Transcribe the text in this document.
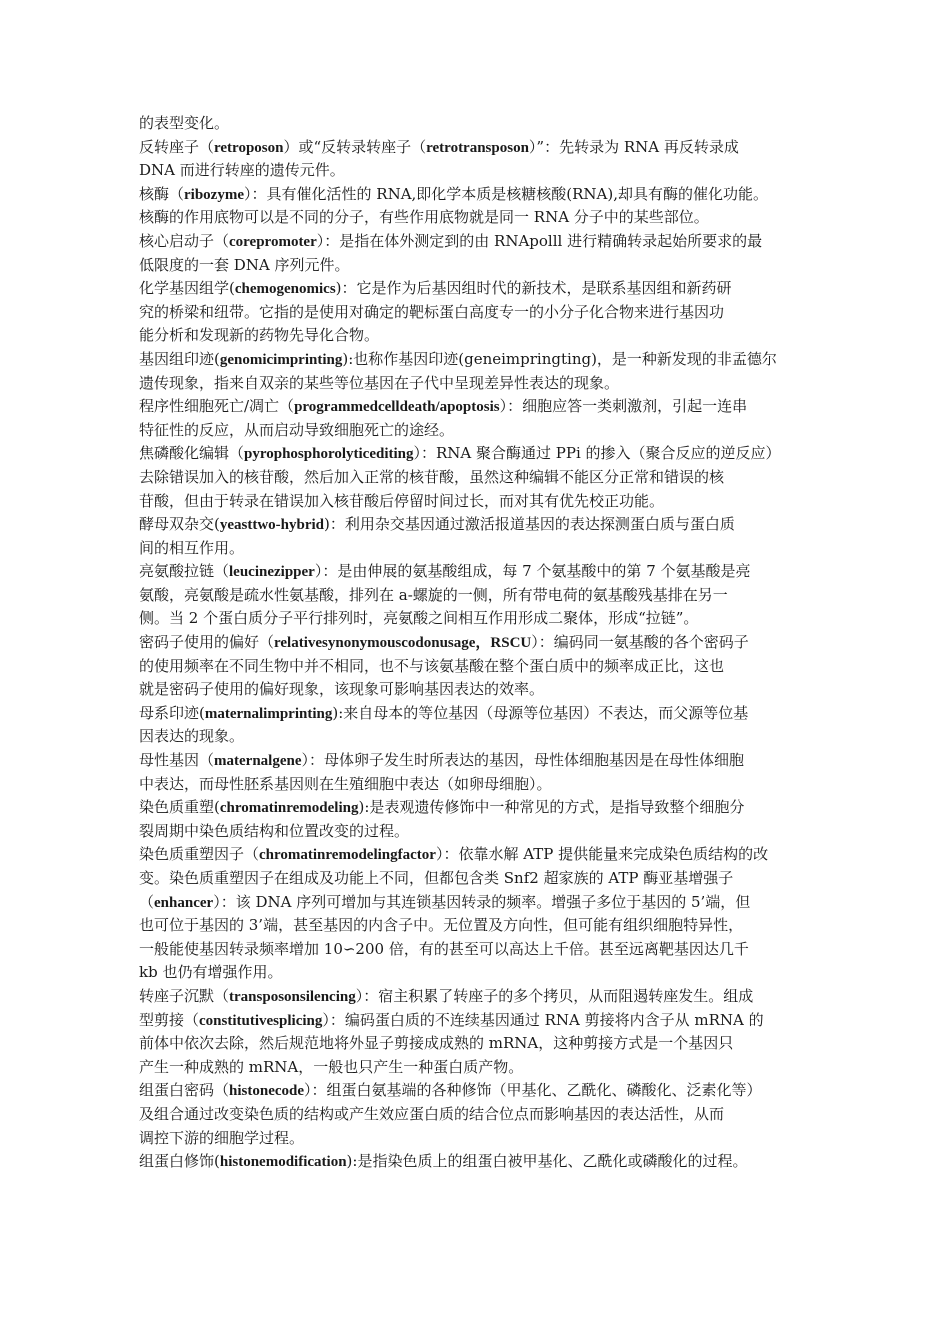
的表型变化。
反转座子（retroposon）或“反转录转座子（retrotransposon）”：先转录为 RNA 再反转录成
DNA 而进行转座的遗传元件。
核酶（ribozyme）：具有催化活性的 RNA,即化学本质是核糖核酸(RNA),却具有酶的催化功能。
核酶的作用底物可以是不同的分子，有些作用底物就是同一 RNA 分子中的某些部位。
核心启动子（corepromoter）：是指在体外测定到的由 RNApolll 进行精确转录起始所要求的最
低限度的一套 DNA 序列元件。
化学基因组学(chemogenomics)：它是作为后基因组时代的新技术，是联系基因组和新药研
究的桥梁和纽带。它指的是使用对确定的靶标蛋白高度专一的小分子化合物来进行基因功
能分析和发现新的药物先导化合物。
基因组印迹(genomicimprinting):也称作基因印迹(geneimpringting)，是一种新发现的非孟德尔
遗传现象，指来自双亲的某些等位基因在子代中呈现差异性表达的现象。
程序性细胞死亡/凋亡（programmedcelldeath/apoptosis）：细胞应答一类刺激剂，引起一连串
特征性的反应，从而启动导致细胞死亡的途经。
焦磷酸化编辑（pyrophosphorolyticediting）：RNA 聚合酶通过 PPi 的掺入（聚合反应的逆反应）
去除错误加入的核苷酸，然后加入正常的核苷酸，虽然这种编辑不能区分正常和错误的核
苷酸，但由于转录在错误加入核苷酸后停留时间过长，而对其有优先校正功能。
酵母双杂交(yeasttwo-hybrid)：利用杂交基因通过激活报道基因的表达探测蛋白质与蛋白质
间的相互作用。
亮氨酸拉链（leucinezipper）：是由伸展的氨基酸组成，每 7 个氨基酸中的第 7 个氨基酸是亮
氨酸，亮氨酸是疏水性氨基酸，排列在 a-螺旋的一侧，所有带电荷的氨基酸残基排在另一
侧。当 2 个蛋白质分子平行排列时，亮氨酸之间相互作用形成二聚体，形成“拉链”。
密码子使用的偏好（relativesynonymouscodonusage，RSCU）：编码同一氨基酸的各个密码子
的使用频率在不同生物中并不相同，也不与该氨基酸在整个蛋白质中的频率成正比，这也
就是密码子使用的偏好现象，该现象可影响基因表达的效率。
母系印迹(maternalimprinting):来自母本的等位基因（母源等位基因）不表达，而父源等位基
因表达的现象。
母性基因（maternalgene）：母体卵子发生时所表达的基因，母性体细胞基因是在母性体细胞
中表达，而母性胚系基因则在生殖细胞中表达（如卵母细胞）。
染色质重塑(chromatinremodeling):是表观遗传修饰中一种常见的方式，是指导致整个细胞分
裂周期中染色质结构和位置改变的过程。
染色质重塑因子（chromatinremodelingfactor）：依靠水解 ATP 提供能量来完成染色质结构的改
变。染色质重塑因子在组成及功能上不同，但都包含类 Snf2 超家族的 ATP 酶亚基增强子
（enhancer）：该 DNA 序列可增加与其连锁基因转录的频率。增强子多位于基因的 5’端，但
也可位于基因的 3’端，甚至基因的内含子中。无位置及方向性，但可能有组织细胞特异性，
一般能使基因转录频率增加 10∽200 倍，有的甚至可以高达上千倍。甚至远离靶基因达几千
kb 也仍有增强作用。
转座子沉默（transposonsilencing）：宿主积累了转座子的多个拷贝，从而阻遏转座发生。组成
型剪接（constitutivesplicing）：编码蛋白质的不连续基因通过 RNA 剪接将内含子从 mRNA 的
前体中依次去除，然后规范地将外显子剪接成成熟的 mRNA，这种剪接方式是一个基因只
产生一种成熟的 mRNA，一般也只产生一种蛋白质产物。
组蛋白密码（histonecode）：组蛋白氨基端的各种修饰（甲基化、乙酰化、磷酸化、泛素化等）
及组合通过改变染色质的结构或产生效应蛋白质的结合位点而影响基因的表达活性，从而
调控下游的细胞学过程。
组蛋白修饰(histonemodification):是指染色质上的组蛋白被甲基化、乙酰化或磷酸化的过程。
